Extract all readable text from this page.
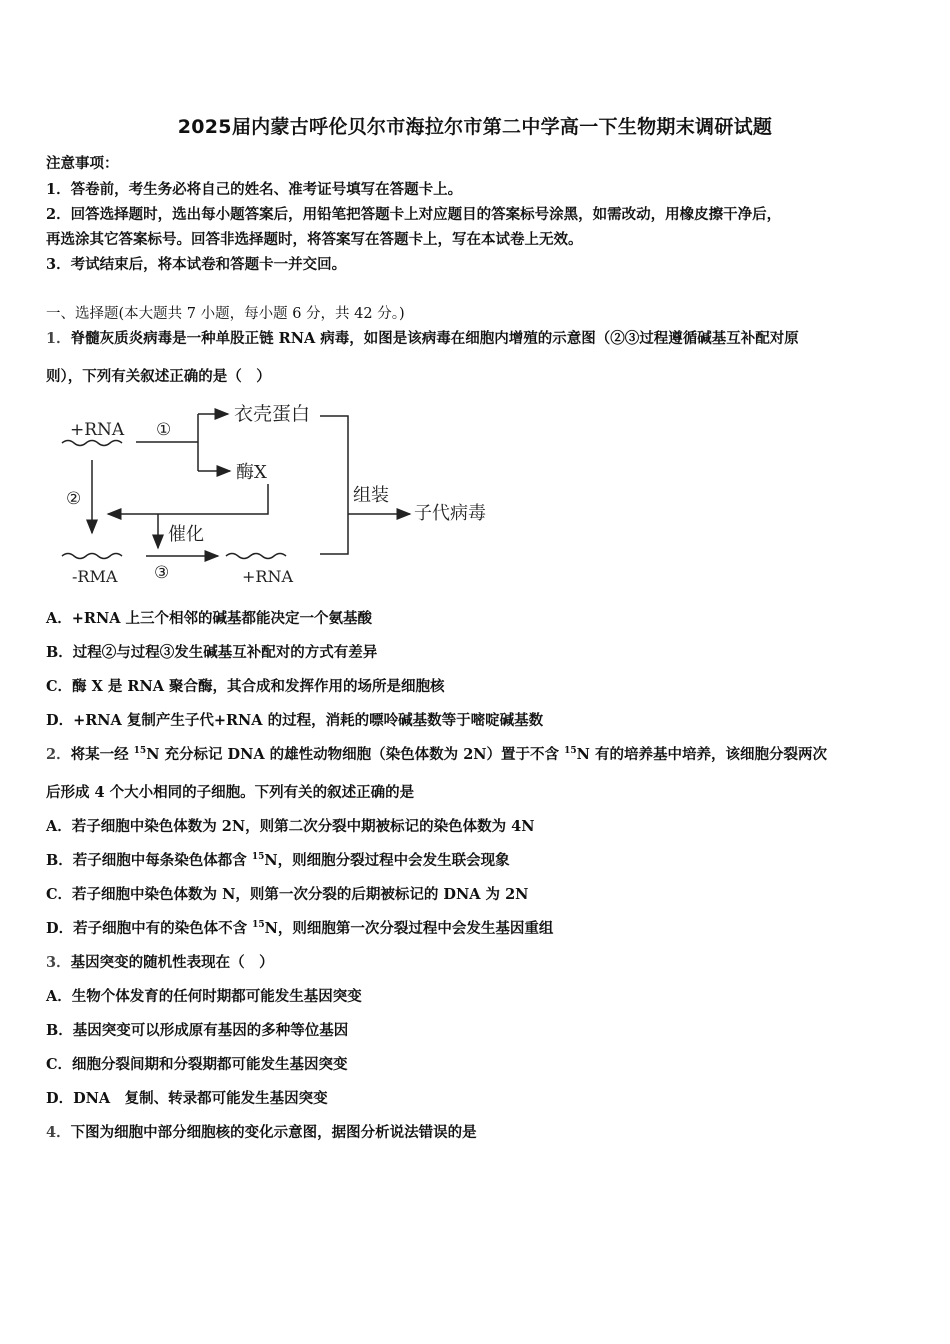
2025届内蒙古呼伦贝尔市海拉尔市第二中学高一下生物期末调研试题
注意事项：
1．答卷前，考生务必将自己的姓名、准考证号填写在答题卡上。
2．回答选择题时，选出每小题答案后，用铅笔把答题卡上对应题目的答案标号涂黑，如需改动，用橡皮擦干净后，
再选涂其它答案标号。回答非选择题时，将答案写在答题卡上，写在本试卷上无效。
3．考试结束后，将本试卷和答题卡一并交回。
一、选择题(本大题共 7 小题，每小题 6 分，共 42 分。)
1．脊髓灰质炎病毒是一种单股正链 RNA 病毒，如图是该病毒在细胞内增殖的示意图（②③过程遵循碱基互补配对原
则），下列有关叙述正确的是（　）
+RNA ①
衣壳蛋白
酶X
组装
子代病毒
②
催化
-RMA ③	+RNA
A．+RNA 上三个相邻的碱基都能决定一个氨基酸
B．过程②与过程③发生碱基互补配对的方式有差异
C．酶 X 是 RNA 聚合酶，其合成和发挥作用的场所是细胞核
D．+RNA 复制产生子代+RNA 的过程，消耗的嘌呤碱基数等于嘧啶碱基数
2．将某一经 $^{15}$N 充分标记 DNA 的雄性动物细胞（染色体数为 2N）置于不含 $^{15}$N 有的培养基中培养，该细胞分裂两次
后形成 4 个大小相同的子细胞。下列有关的叙述正确的是
A．若子细胞中染色体数为 2N，则第二次分裂中期被标记的染色体数为 4N
B．若子细胞中每条染色体都含 $^{15}$N，则细胞分裂过程中会发生联会现象
C．若子细胞中染色体数为 N，则第一次分裂的后期被标记的 DNA 为 2N
D．若子细胞中有的染色体不含 $^{15}$N，则细胞第一次分裂过程中会发生基因重组
3．基因突变的随机性表现在（　）
A．生物个体发育的任何时期都可能发生基因突变
B．基因突变可以形成原有基因的多种等位基因
C．细胞分裂间期和分裂期都可能发生基因突变
D．DNA　复制、转录都可能发生基因突变
4．下图为细胞中部分细胞核的变化示意图，据图分析说法错误的是
